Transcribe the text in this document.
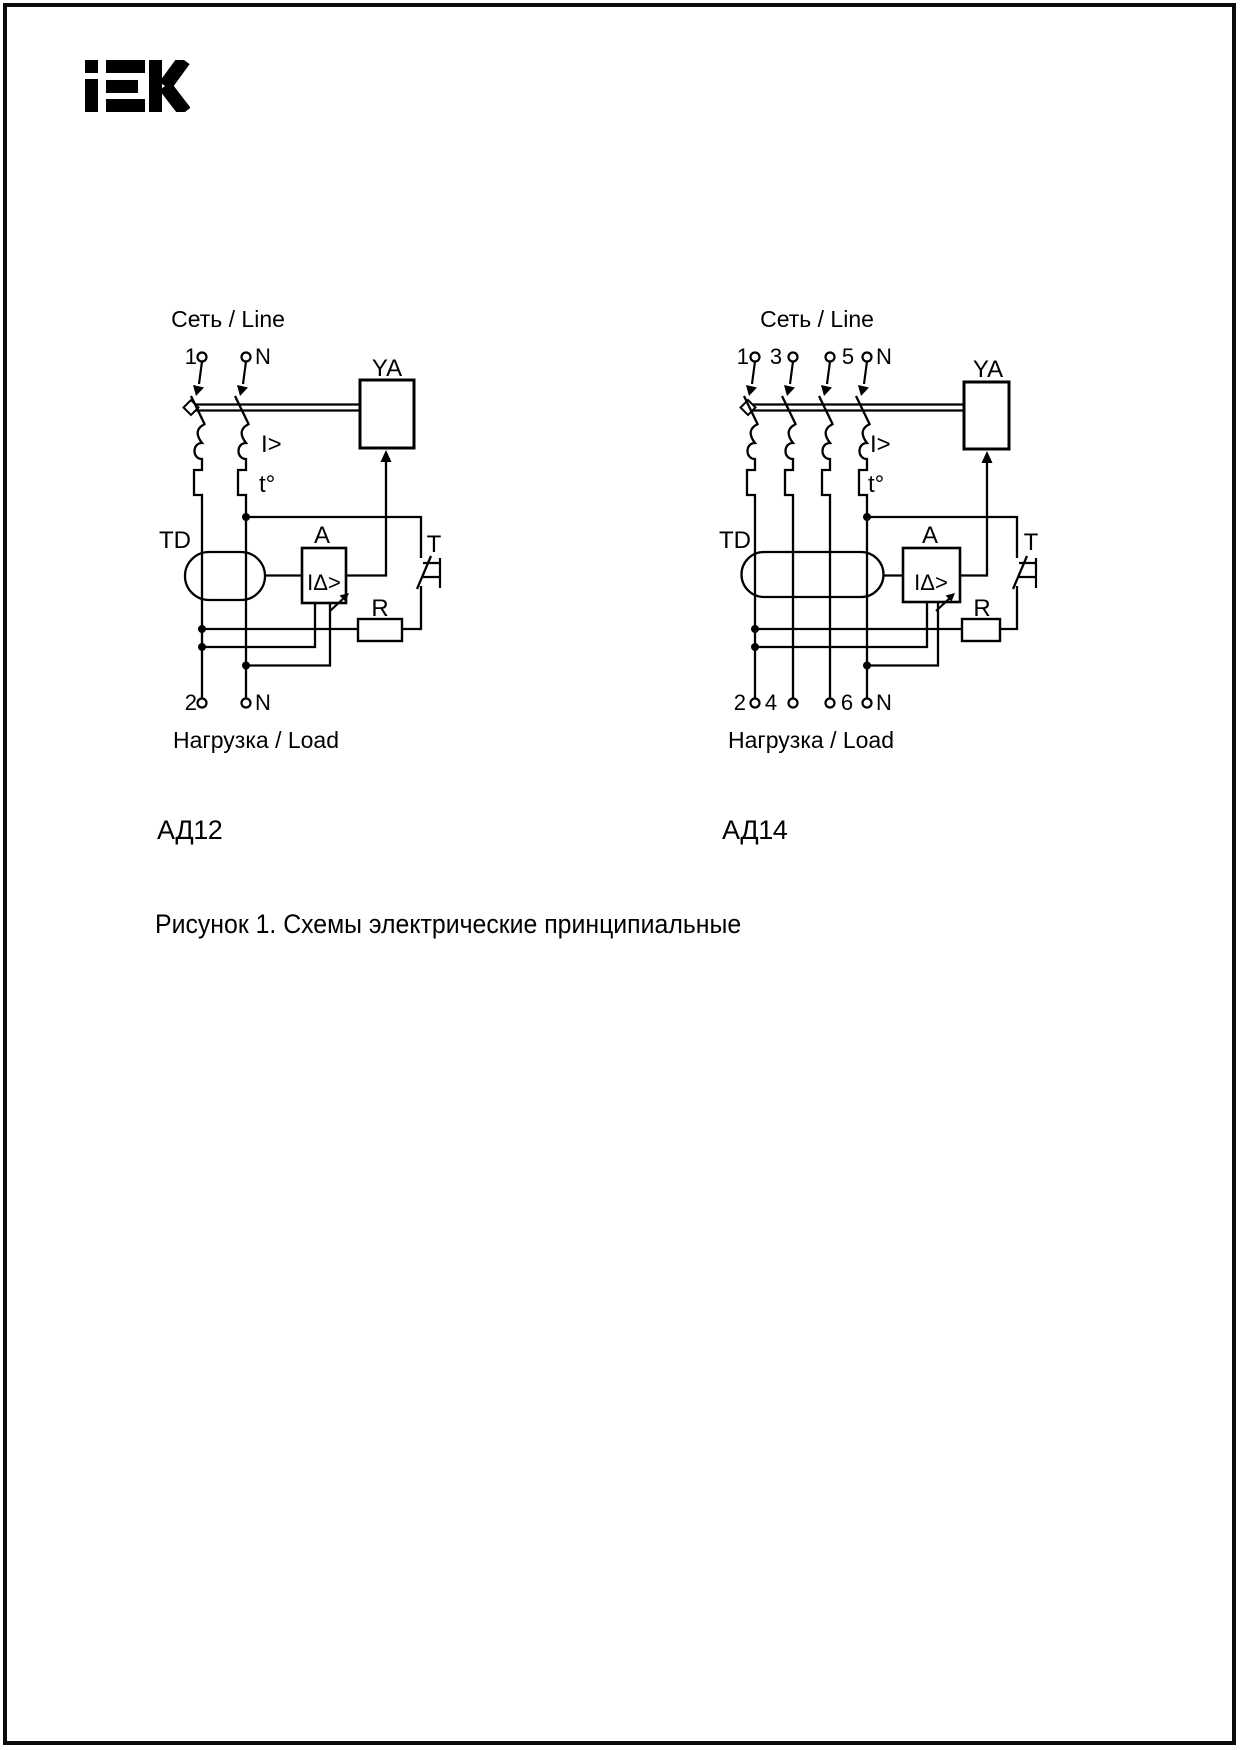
Сеть / Line
I>
t°
YA
T
R
TD	A
IΔ>
1	N
2	N
Нагрузка / Load
Сеть / Line
I>
t°
YA
T
R
TD	A
IΔ>
1 3	5 N
2 4	6 N
Нагрузка / Load
АД12	АД14
Рисунок 1. Схемы электрические принципиальные
